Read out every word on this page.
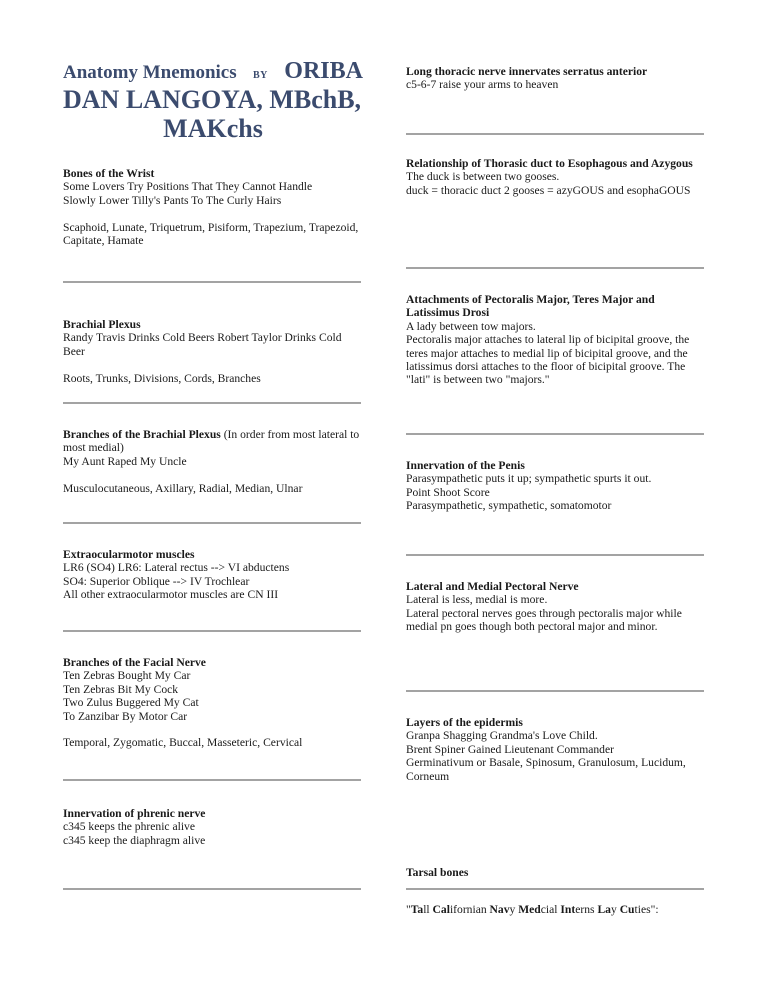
Anatomy Mnemonics BY ORIBA
DAN LANGOYA, MBchB,
MAKchs
Bones of the Wrist
Some Lovers Try Positions That They Cannot Handle
Slowly Lower Tilly's Pants To The Curly Hairs
Scaphoid, Lunate, Triquetrum, Pisiform, Trapezium, Trapezoid, Capitate, Hamate
Brachial Plexus
Randy Travis Drinks Cold Beers Robert Taylor Drinks Cold Beer
Roots, Trunks, Divisions, Cords, Branches
Branches of the Brachial Plexus (In order from most lateral to most medial)
My Aunt Raped My Uncle
Musculocutaneous, Axillary, Radial, Median, Ulnar
Extraocularmotor muscles
LR6 (SO4) LR6: Lateral rectus --> VI abductens
SO4: Superior Oblique --> IV Trochlear
All other extraocularmotor muscles are CN III
Branches of the Facial Nerve
Ten Zebras Bought My Car
Ten Zebras Bit My Cock
Two Zulus Buggered My Cat
To Zanzibar By Motor Car
Temporal, Zygomatic, Buccal, Masseteric, Cervical
Innervation of phrenic nerve
c345 keeps the phrenic alive
c345 keep the diaphragm alive
Long thoracic nerve innervates serratus anterior
c5-6-7 raise your arms to heaven
Relationship of Thorasic duct to Esophagous and Azygous
The duck is between two gooses.
duck = thoracic duct 2 gooses = azyGOUS and esophaGOUS
Attachments of Pectoralis Major, Teres Major and Latissimus Drosi
A lady between tow majors.
Pectoralis major attaches to lateral lip of bicipital groove, the teres major attaches to medial lip of bicipital groove, and the latissimus dorsi attaches to the floor of bicipital groove. The "lati" is between two "majors."
Innervation of the Penis
Parasympathetic puts it up; sympathetic spurts it out.
Point Shoot Score
Parasympathetic, sympathetic, somatomotor
Lateral and Medial Pectoral Nerve
Lateral is less, medial is more.
Lateral pectoral nerves goes through pectoralis major while medial pn goes though both pectoral major and minor.
Layers of the epidermis
Granpa Shagging Grandma's Love Child.
Brent Spiner Gained Lieutenant Commander
Germinativum or Basale, Spinosum, Granulosum, Lucidum, Corneum
Tarsal bones
"Tall Californian Navy Medcial Interns Lay Cuties":
